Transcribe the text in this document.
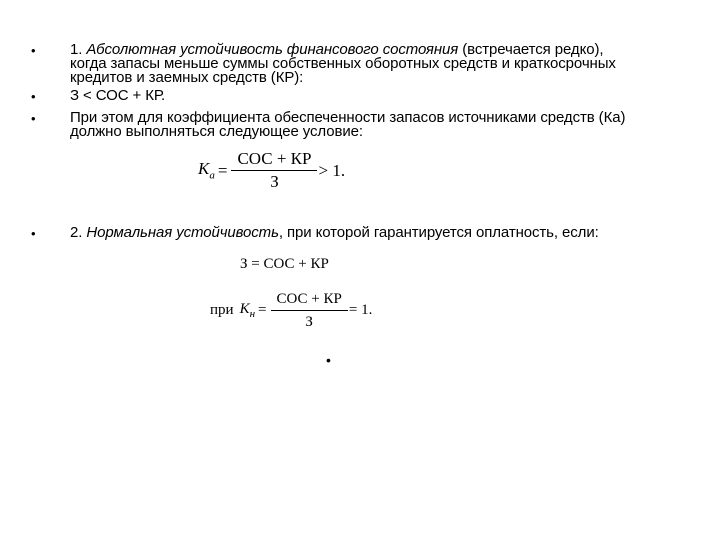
• 1. Абсолютная устойчивость финансового состояния (встречается редко), когда запасы меньше суммы собственных оборотных средств и краткосрочных кредитов и заемных средств (КР):
• З < СОС + КР.
• При этом для коэффициента обеспеченности запасов источниками средств (Ка) должно выполняться следующее условие:
$K_а = \frac{\text{СОС + КР}}{З} > 1$.
• 2. Нормальная устойчивость, при которой гарантируется оплатность, если:
З = СОС + КР
при $K_н = \frac{\text{СОС + КР}}{З} = 1$.
•
